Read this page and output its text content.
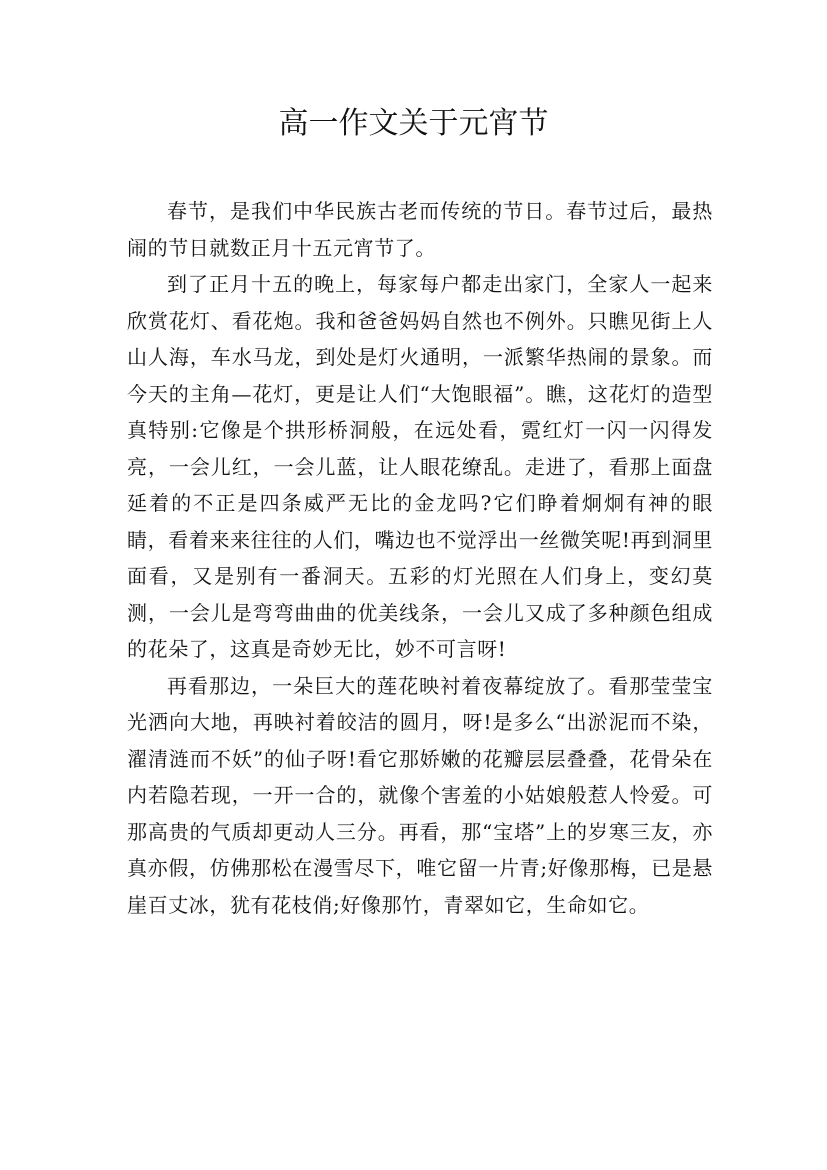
高一作文关于元宵节

春节，是我们中华民族古老而传统的节日。春节过后，最热闹的节日就数正月十五元宵节了。

到了正月十五的晚上，每家每户都走出家门，全家人一起来欣赏花灯、看花炮。我和爸爸妈妈自然也不例外。只瞧见街上人山人海，车水马龙，到处是灯火通明，一派繁华热闹的景象。而今天的主角—花灯，更是让人们“大饱眼福”。瞧，这花灯的造型真特别:它像是个拱形桥洞般，在远处看，霓红灯一闪一闪得发亮，一会儿红，一会儿蓝，让人眼花缭乱。走进了，看那上面盘延着的不正是四条威严无比的金龙吗?它们睁着炯炯有神的眼睛，看着来来往往的人们，嘴边也不觉浮出一丝微笑呢!再到洞里面看，又是别有一番洞天。五彩的灯光照在人们身上，变幻莫测，一会儿是弯弯曲曲的优美线条，一会儿又成了多种颜色组成的花朵了，这真是奇妙无比，妙不可言呀!

再看那边，一朵巨大的莲花映衬着夜幕绽放了。看那莹莹宝光洒向大地，再映衬着皎洁的圆月，呀!是多么“出淤泥而不染，濯清涟而不妖”的仙子呀!看它那娇嫩的花瓣层层叠叠，花骨朵在内若隐若现，一开一合的，就像个害羞的小姑娘般惹人怜爱。可那高贵的气质却更动人三分。再看，那“宝塔”上的岁寒三友，亦真亦假，仿佛那松在漫雪尽下，唯它留一片青;好像那梅，已是悬崖百丈冰，犹有花枝俏;好像那竹，青翠如它，生命如它。
